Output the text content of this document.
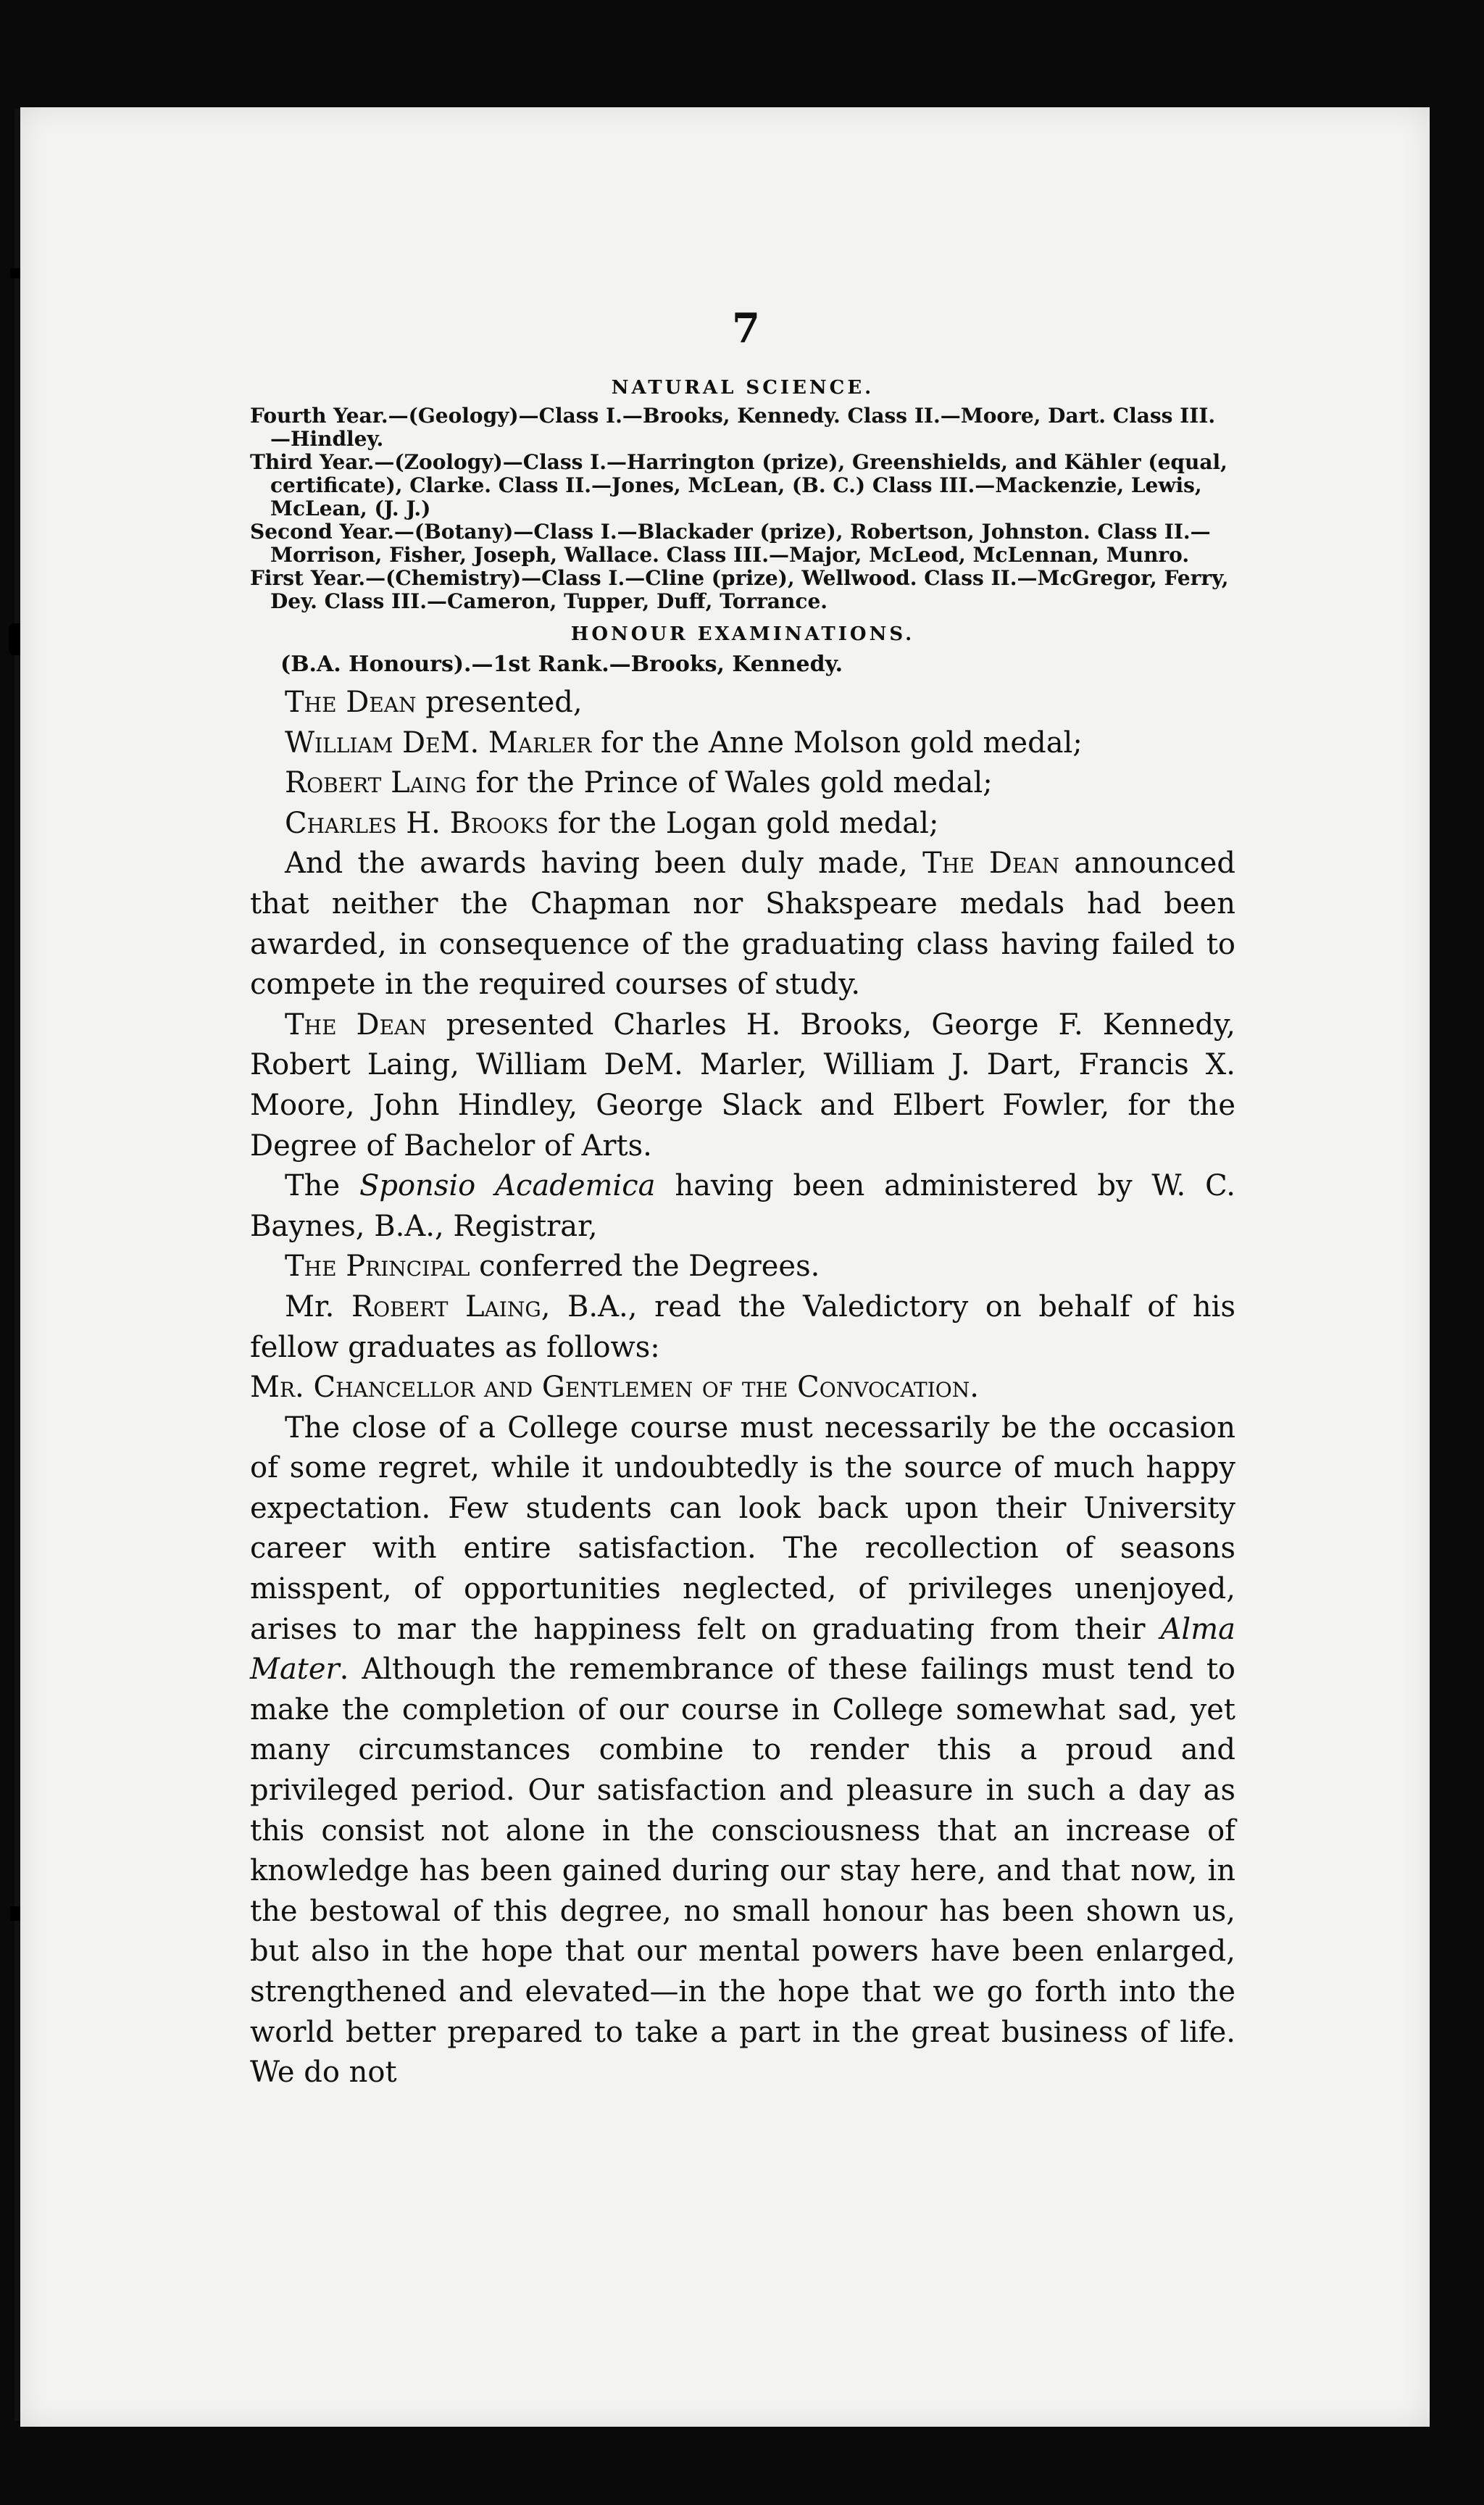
7

NATURAL SCIENCE.

Fourth Year.—(Geology)—Class I.—Brooks, Kennedy. Class II.—Moore, Dart. Class III.—Hindley.

Third Year.—(Zoology)—Class I.—Harrington (prize), Greenshields, and Kähler (equal, certificate), Clarke. Class II.—Jones, McLean, (B. C.) Class III.—Mackenzie, Lewis, McLean, (J. J.)

Second Year.—(Botany)—Class I.—Blackader (prize), Robertson, Johnston. Class II.—Morrison, Fisher, Joseph, Wallace. Class III.—Major, McLeod, McLennan, Munro.

First Year.—(Chemistry)—Class I.—Cline (prize), Wellwood. Class II.—McGregor, Ferry, Dey. Class III.—Cameron, Tupper, Duff, Torrance.

HONOUR EXAMINATIONS.

(B.A. Honours).—1st Rank.—Brooks, Kennedy.

The Dean presented,

William DeM. Marler for the Anne Molson gold medal;

Robert Laing for the Prince of Wales gold medal;

Charles H. Brooks for the Logan gold medal;

And the awards having been duly made, The Dean announced that neither the Chapman nor Shakspeare medals had been awarded, in consequence of the graduating class having failed to compete in the required courses of study.

The Dean presented Charles H. Brooks, George F. Kennedy, Robert Laing, William DeM. Marler, William J. Dart, Francis X. Moore, John Hindley, George Slack and Elbert Fowler, for the Degree of Bachelor of Arts.

The Sponsio Academica having been administered by W. C. Baynes, B.A., Registrar,

The Principal conferred the Degrees.

Mr. Robert Laing, B.A., read the Valedictory on behalf of his fellow graduates as follows:

Mr. Chancellor and Gentlemen of the Convocation.

The close of a College course must necessarily be the occasion of some regret, while it undoubtedly is the source of much happy expectation. Few students can look back upon their University career with entire satisfaction. The recollection of seasons misspent, of opportunities neglected, of privileges unenjoyed, arises to mar the happiness felt on graduating from their Alma Mater. Although the remembrance of these failings must tend to make the completion of our course in College somewhat sad, yet many circumstances combine to render this a proud and privileged period. Our satisfaction and pleasure in such a day as this consist not alone in the consciousness that an increase of knowledge has been gained during our stay here, and that now, in the bestowal of this degree, no small honour has been shown us, but also in the hope that our mental powers have been enlarged, strengthened and elevated—in the hope that we go forth into the world better prepared to take a part in the great business of life. We do not
